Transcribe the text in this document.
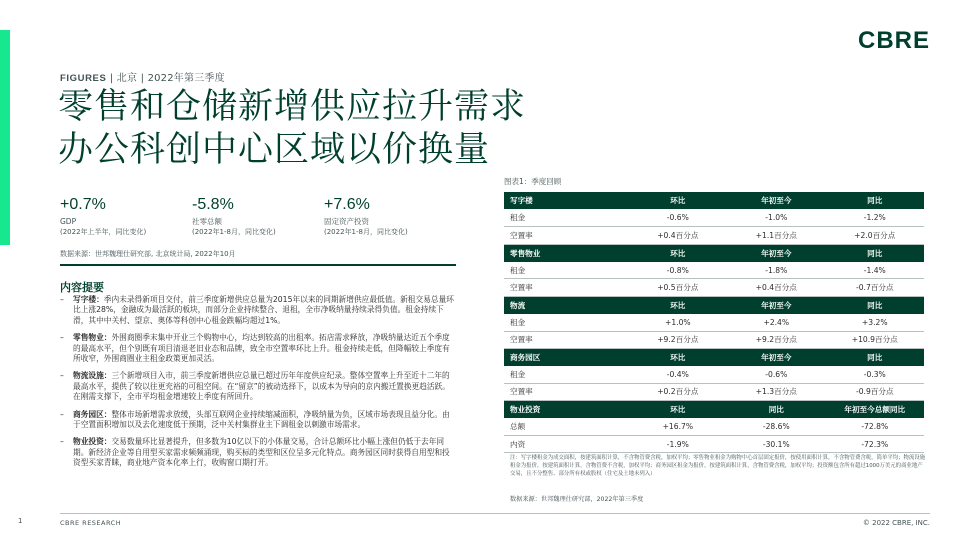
CBRE
FIGURES | 北京 | 2022年第三季度
零售和仓储新增供应拉升需求
办公科创中心区域以价换量
+0.7%
GDP
(2022年上半年，同比变化)
-5.8%
社零总额
(2022年1-8月，同比变化)
+7.6%
固定资产投资
(2022年1-8月，同比变化)
数据来源：世邦魏理仕研究部, 北京统计局, 2022年10月
内容提要
– 写字楼：季内未录得新项目交付，前三季度新增供应总量为2015年以来的同期新增供应最低值。新租交易总量环比上涨28%，金融成为最活跃的板块，而部分企业持续整合、退租，全市净吸纳量持续录得负值。租金持续下滑，其中中关村、望京、奥体等科创中心租金跌幅均超过1%。
– 零售物业：外围商圈季末集中开业三个购物中心，均达到较高的出租率。拓店需求释放，净吸纳量达近五个季度的最高水平，但个别既有项目清退老旧业态和品牌，致全市空置率环比上升。租金持续走低，但降幅较上季度有所收窄，外围商圈业主租金政策更加灵活。
– 物流设施：三个新增项目入市，前三季度新增供应总量已超过历年年度供应纪录。整体空置率上升至近十二年的最高水平，提供了较以往更充裕的可租空间。在“留京”的被动选择下，以成本为导向的京内搬迁置换更趋活跃。在刚需支撑下，全市平均租金增速较上季度有所回升。
– 商务园区：整体市场新增需求放缓，头部互联网企业持续缩减面积，净吸纳量为负，区域市场表现且益分化。由于空置面积增加以及去化速度低于预期，泛中关村集群业主下调租金以刺激市场需求。
– 物业投资：交易数量环比显著提升，但多数为10亿以下的小体量交易，合计总额环比小幅上涨但仍低于去年同期。新经济企业等自用型买家需求频频涌现，购买标的类型和区位呈多元化特点。商务园区同时获得自用型和投资型买家青睐，商业地产资本化率上行，收购窗口期打开。
图表1：季度回顾
写字楼	环比	年初至今	同比
租金	-0.6%	-1.0%	-1.2%
空置率	+0.4百分点	+1.1百分点	+2.0百分点
零售物业	环比	年初至今	同比
租金	-0.8%	-1.8%	-1.4%
空置率	+0.5百分点	+0.4百分点	-0.7百分点
物流	环比	年初至今	同比
租金	+1.0%	+2.4%	+3.2%
空置率	+9.2百分点	+9.2百分点	+10.9百分点
商务园区	环比	年初至今	同比
租金	-0.4%	-0.6%	-0.3%
空置率	+0.2百分点	+1.3百分点	-0.9百分点
物业投资	环比	同比	年初至今总额同比
总额	+16.7%	-28.6%	-72.8%
内资	-1.9%	-30.1%	-72.3%
注：写字楼租金为成交面积，按建筑面积计算，不含物管费含税，加权平均；零售物业租金为购物中心首层固定报价，按使用面积计算，不含物管费含税，简单平均；物流设施租金为报价，按建筑面积计算，含物管费不含税，加权平均；商务园区租金为报价，按建筑面积计算，含物管费含税，加权平均；投资额包含所有超过1000万美元的商业地产交易，且不分整售、部分所有权或股权（住宅及土地未列入）
数据来源：世邦魏理仕研究部，2022年第三季度
1	CBRE RESEARCH	© 2022 CBRE, INC.
